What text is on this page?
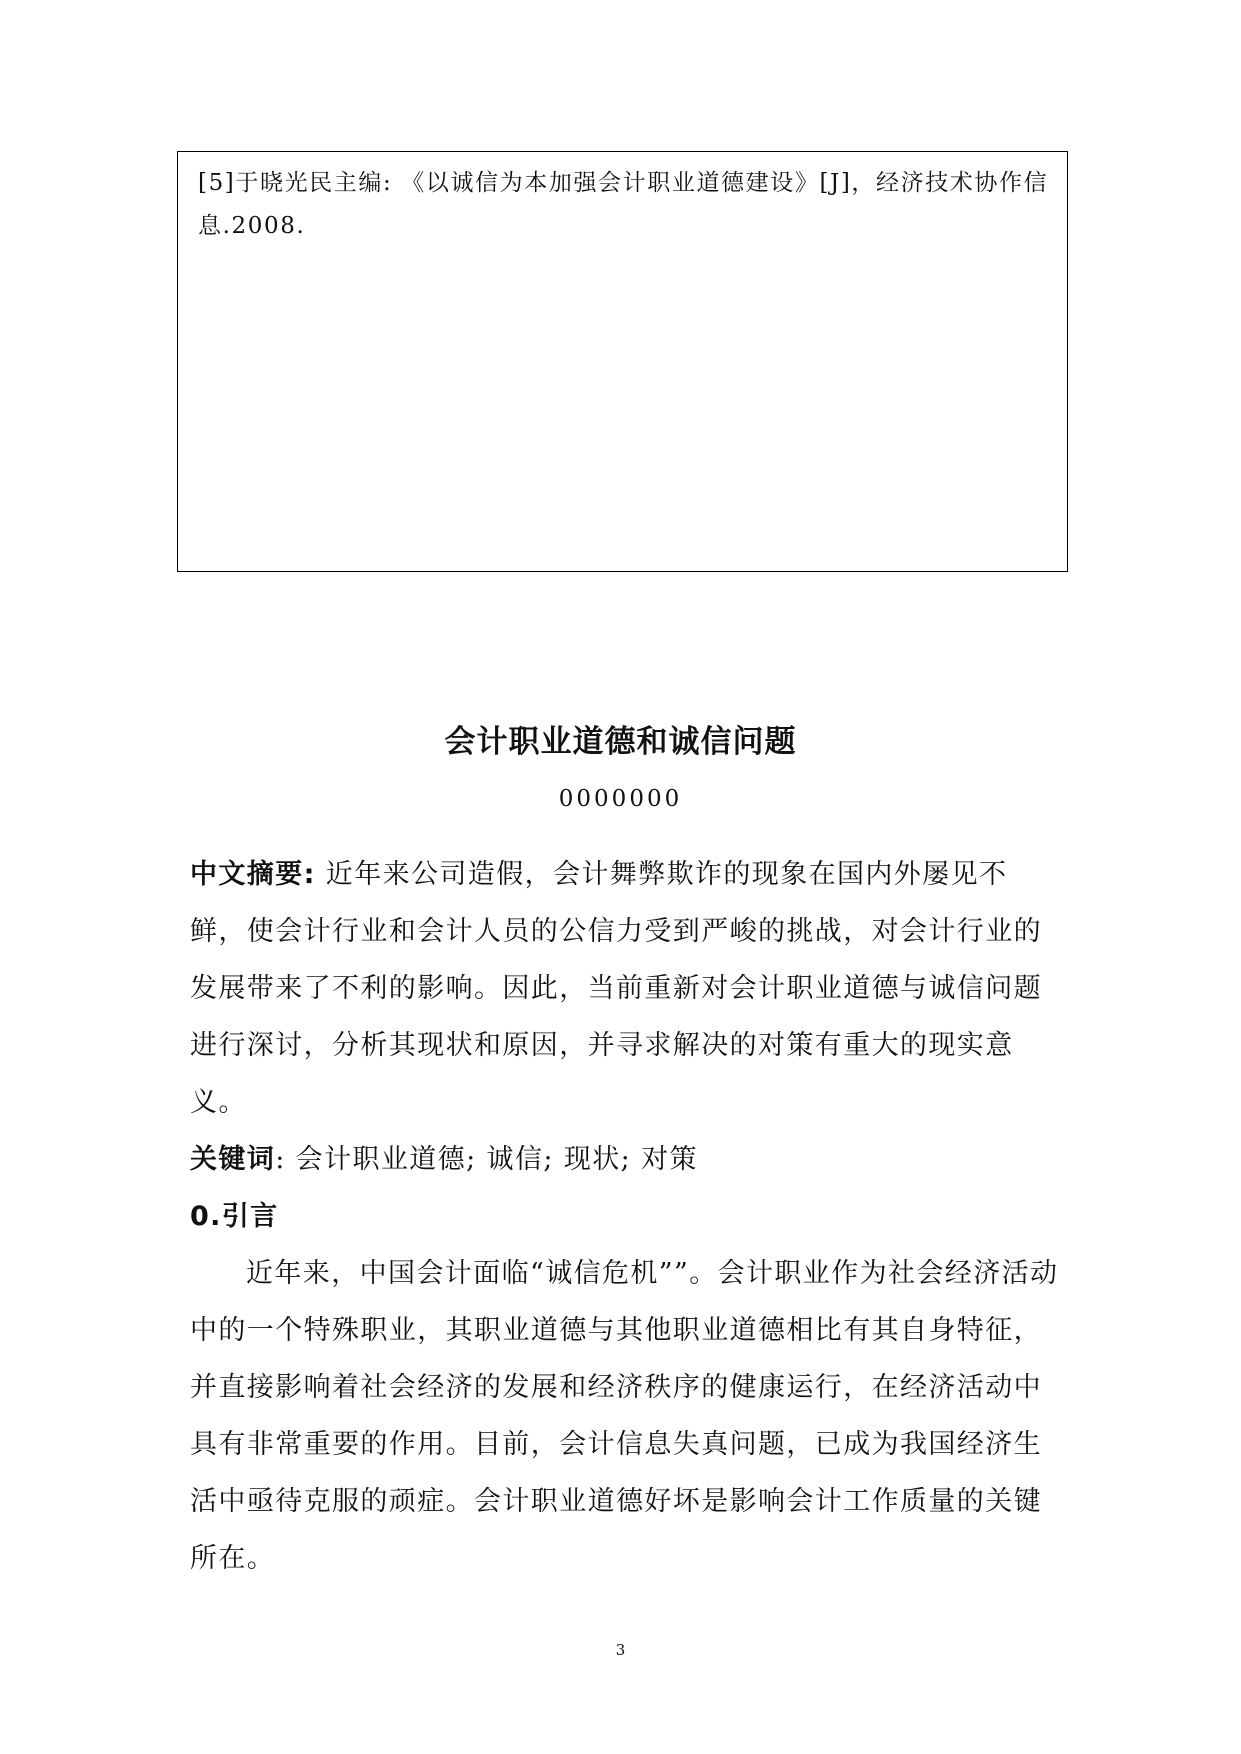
[5]于晓光民主编: 《以诚信为本加强会计职业道德建设》[J]，经济技术协作信息.2008.

会计职业道德和诚信问题
0000000

中文摘要: 近年来公司造假，会计舞弊欺诈的现象在国内外屡见不鲜，使会计行业和会计人员的公信力受到严峻的挑战，对会计行业的发展带来了不利的影响。因此，当前重新对会计职业道德与诚信问题进行深讨，分析其现状和原因，并寻求解决的对策有重大的现实意义。

关键词: 会计职业道德; 诚信; 现状; 对策

0.引言

近年来，中国会计面临“诚信危机””。会计职业作为社会经济活动中的一个特殊职业，其职业道德与其他职业道德相比有其自身特征，并直接影响着社会经济的发展和经济秩序的健康运行，在经济活动中具有非常重要的作用。目前，会计信息失真问题，已成为我国经济生活中亟待克服的顽症。会计职业道德好坏是影响会计工作质量的关键所在。

3
